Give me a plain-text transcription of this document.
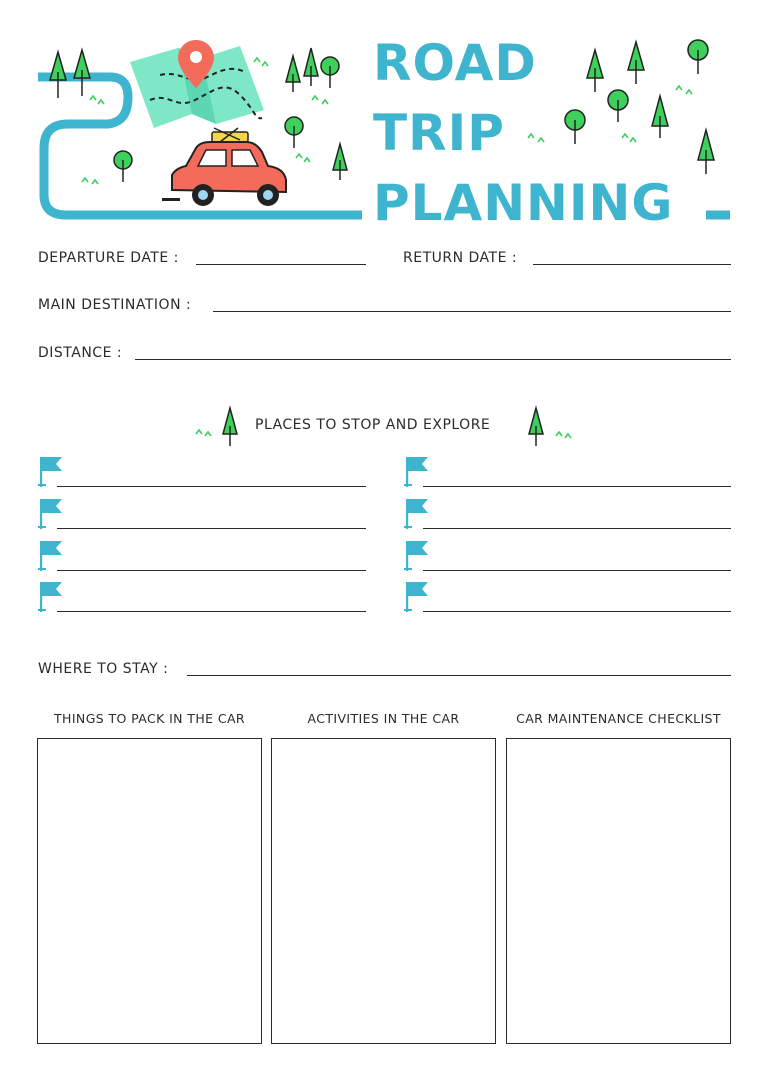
ROAD
TRIP
PLANNING
DEPARTURE DATE :	RETURN DATE :
MAIN DESTINATION :
DISTANCE :
PLACES TO STOP AND EXPLORE
WHERE TO STAY :
THINGS TO PACK IN THE CAR	ACTIVITIES IN THE CAR	CAR MAINTENANCE CHECKLIST
